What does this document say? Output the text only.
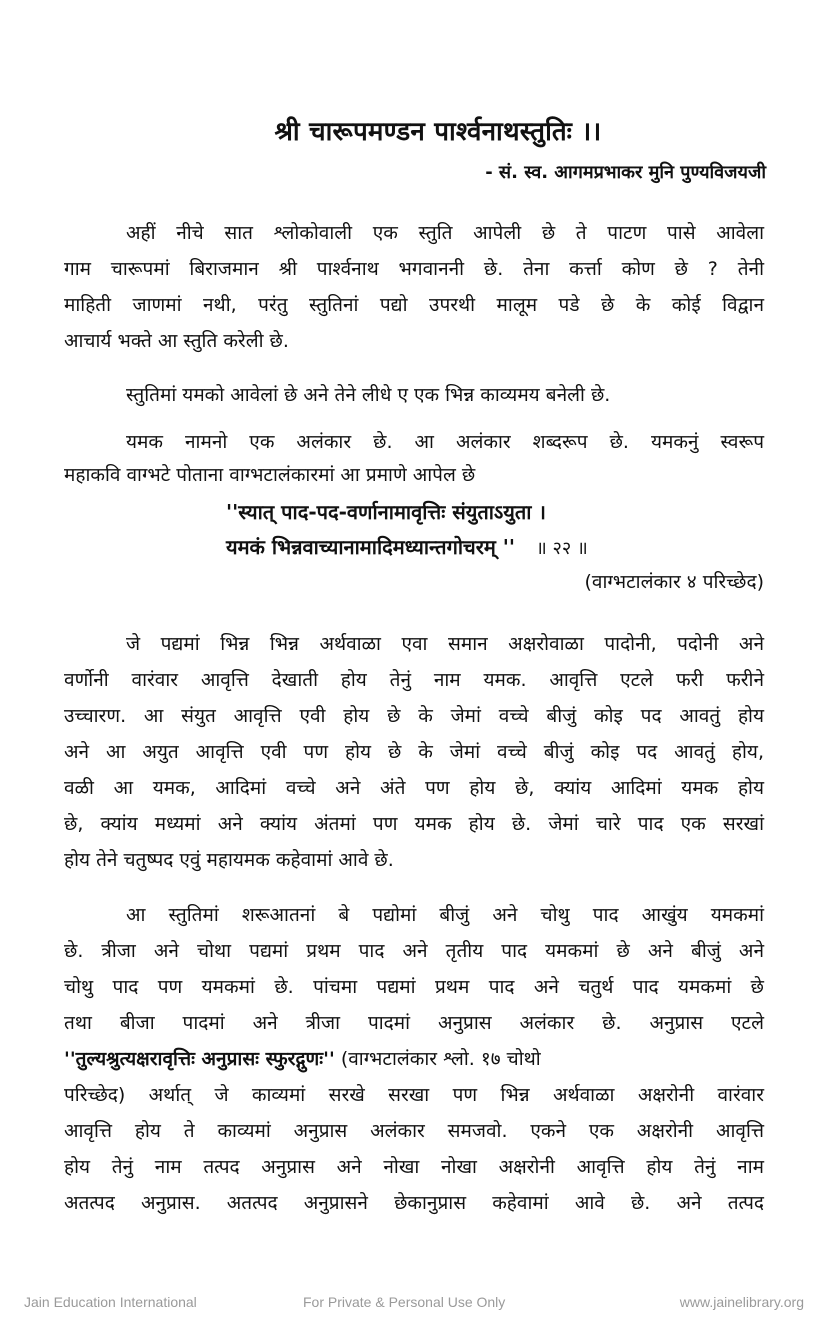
श्री चारूपमण्डन पार्श्वनाथस्तुतिः ।।
- सं. स्व. आगमप्रभाकर मुनि पुण्यविजयजी
अहीं नीचे सात श्लोकोवाली एक स्तुति आपेली छे ते पाटण पासे आवेला
गाम चारूपमां बिराजमान श्री पार्श्वनाथ भगवाननी छे. तेना कर्त्ता कोण छे ? तेनी
माहिती जाणमां नथी, परंतु स्तुतिनां पद्यो उपरथी मालूम पडे छे के कोई विद्वान
आचार्य भक्ते आ स्तुति करेली छे.
स्तुतिमां यमको आवेलां छे अने तेने लीधे ए एक भिन्न काव्यमय बनेली छे.
यमक नामनो एक अलंकार छे. आ अलंकार शब्दरूप छे. यमकनुं स्वरूप
महाकवि वाग्भटे पोताना वाग्भटालंकारमां आ प्रमाणे आपेल छे
''स्यात् पाद-पद-वर्णानामावृत्तिः संयुताऽयुता ।
यमकं भिन्नवाच्यानामादिमध्यान्तगोचरम् '' ॥ २२ ॥
(वाग्भटालंकार ४ परिच्छेद)
जे पद्यमां भिन्न भिन्न अर्थवाळा एवा समान अक्षरोवाळा पादोनी, पदोनी अने
वर्णोनी वारंवार आवृत्ति देखाती होय तेनुं नाम यमक. आवृत्ति एटले फरी फरीने
उच्चारण. आ संयुत आवृत्ति एवी होय छे के जेमां वच्चे बीजुं कोइ पद आवतुं होय
अने आ अयुत आवृत्ति एवी पण होय छे के जेमां वच्चे बीजुं कोइ पद आवतुं होय,
वळी आ यमक, आदिमां वच्चे अने अंते पण होय छे, क्यांय आदिमां यमक होय
छे, क्यांय मध्यमां अने क्यांय अंतमां पण यमक होय छे. जेमां चारे पाद एक सरखां
होय तेने चतुष्पद एवुं महायमक कहेवामां आवे छे.
आ स्तुतिमां शरूआतनां बे पद्योमां बीजुं अने चोथु पाद आखुंय यमकमां
छे. त्रीजा अने चोथा पद्यमां प्रथम पाद अने तृतीय पाद यमकमां छे अने बीजुं अने
चोथु पाद पण यमकमां छे. पांचमा पद्यमां प्रथम पाद अने चतुर्थ पाद यमकमां छे
तथा बीजा पादमां अने त्रीजा पादमां अनुप्रास अलंकार छे. अनुप्रास एटले
''तुल्यश्रुत्यक्षरावृत्तिः अनुप्रासः स्फुरद्गुणः'' (वाग्भटालंकार श्लो. १७ चोथो
परिच्छेद) अर्थात् जे काव्यमां सरखे सरखा पण भिन्न अर्थवाळा अक्षरोनी वारंवार
आवृत्ति होय ते काव्यमां अनुप्रास अलंकार समजवो. एकने एक अक्षरोनी आवृत्ति
होय तेनुं नाम तत्पद अनुप्रास अने नोखा नोखा अक्षरोनी आवृत्ति होय तेनुं नाम
अतत्पद अनुप्रास. अतत्पद अनुप्रासने छेकानुप्रास कहेवामां आवे छे. अने तत्पद
Jain Education International	For Private & Personal Use Only	www.jainelibrary.org
